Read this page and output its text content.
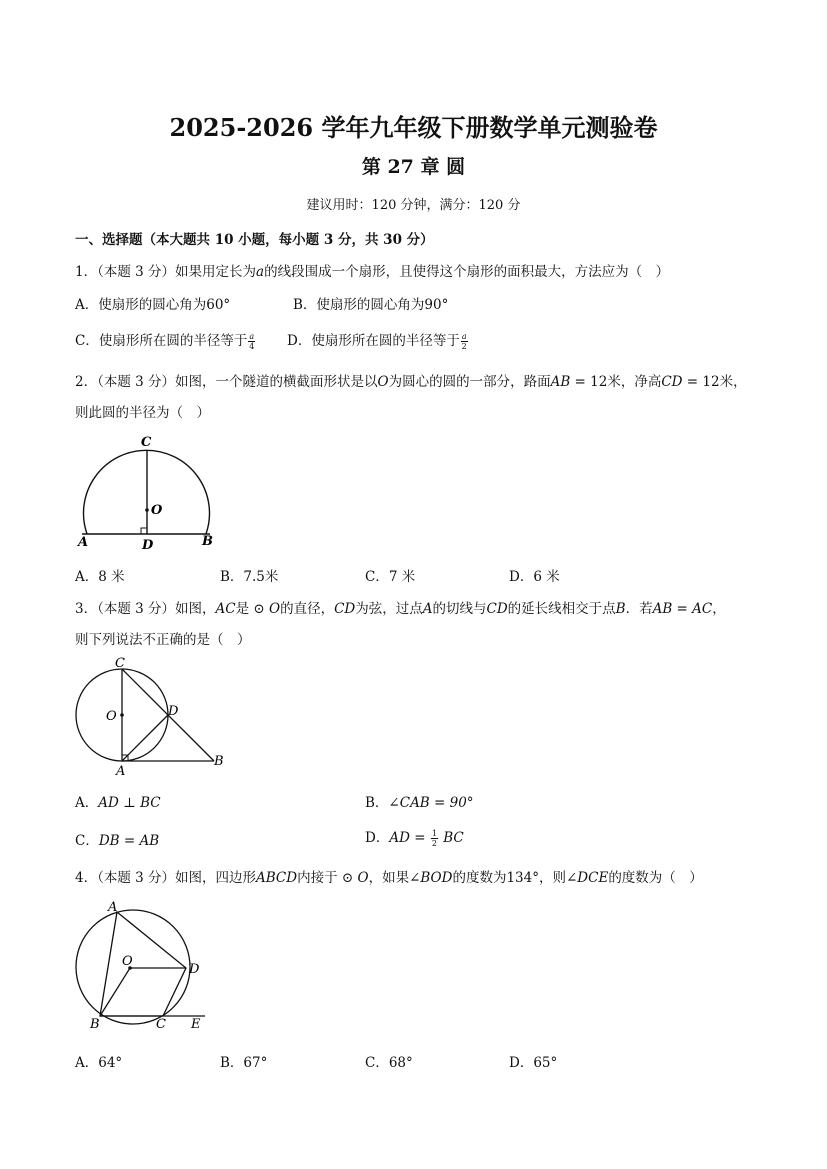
2025-2026 学年九年级下册数学单元测验卷
第 27 章 圆
建议用时：120 分钟，满分：120 分
一、选择题（本大题共 10 小题，每小题 3 分，共 30 分）
1．（本题 3 分）如果用定长为a的线段围成一个扇形，且使得这个扇形的面积最大，方法应为（　）
A．使扇形的圆心角为60°	B．使扇形的圆心角为90°
C．使扇形所在圆的半径等于 $\frac{a}{4}$ D．使扇形所在圆的半径等于 $\frac{a}{2}$
2．（本题 3 分）如图，一个隧道的横截面形状是以O为圆心的圆的一部分，路面AB = 12米，净高CD = 12米，
则此圆的半径为（　）
C
O
A	D	B
A．8 米	B．7.5米	C．7 米	D．6 米
3．（本题 3 分）如图，AC是 ⊙ O的直径，CD为弦，过点A的切线与CD的延长线相交于点B．若AB = AC，
则下列说法不正确的是（　）
C
O	D
A
B
A．AD ⊥ BC	B．∠CAB = 90°
C．DB = AB	D．AD = $\frac{1}{2}$ BC
4．（本题 3 分）如图，四边形ABCD内接于 ⊙ O，如果∠BOD的度数为134°，则∠DCE的度数为（　）
A
O
D
B	C E
A．64°	B．67°	C．68°	D．65°
